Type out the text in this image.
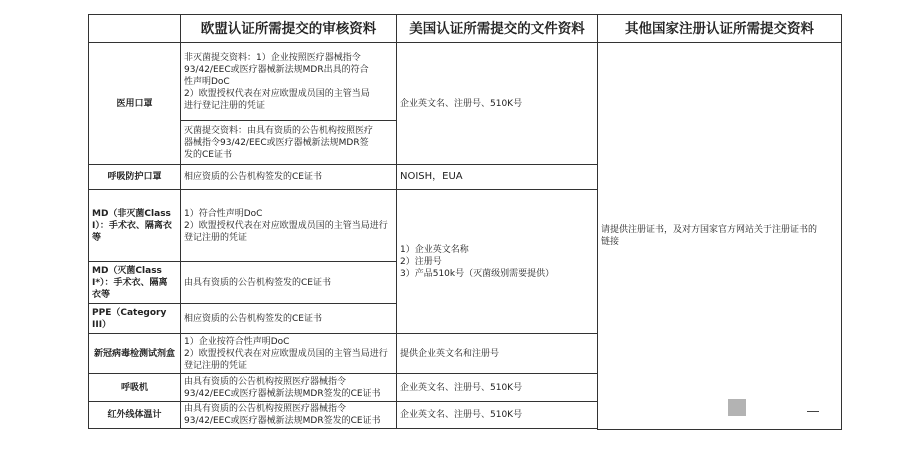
	欧盟认证所需提交的审核资料	美国认证所需提交的文件资料	其他国家注册认证所需提交资料
医用口罩	非灭菌提交资料：1）企业按照医疗器械指令
93/42/EEC或医疗器械新法规MDR出具的符合
性声明DoC
2）欧盟授权代表在对应欧盟成员国的主管当局
进行登记注册的凭证	企业英文名、注册号、510K号	请提供注册证书，及对方国家官方网站关于注册证书的
链接

	灭菌提交资料：由具有资质的公告机构按照医疗
器械指令93/42/EEC或医疗器械新法规MDR签
发的CE证书		

呼吸防护口罩	相应资质的公告机构签发的CE证书	NOISH，EUA	

MD（非灭菌Class
I）：手术衣、隔离衣
等	1）符合性声明DoC
2）欧盟授权代表在对应欧盟成员国的主管当局进行
登记注册的凭证	1）企业英文名称
2）注册号
3）产品510k号（灭菌级别需要提供）	

MD（灭菌Class
I*）：手术衣、隔离
衣等	由具有资质的公告机构签发的CE证书		

PPE（Category
III）	相应资质的公告机构签发的CE证书		
新冠病毒检测试剂盒	1）企业按符合性声明DoC
2）欧盟授权代表在对应欧盟成员国的主管当局进行
登记注册的凭证	提供企业英文名和注册号	
呼吸机	由具有资质的公告机构按照医疗器械指令
93/42/EEC或医疗器械新法规MDR签发的CE证书	企业英文名、注册号、510K号	
红外线体温计	由具有资质的公告机构按照医疗器械指令
93/42/EEC或医疗器械新法规MDR签发的CE证书	企业英文名、注册号、510K号	
